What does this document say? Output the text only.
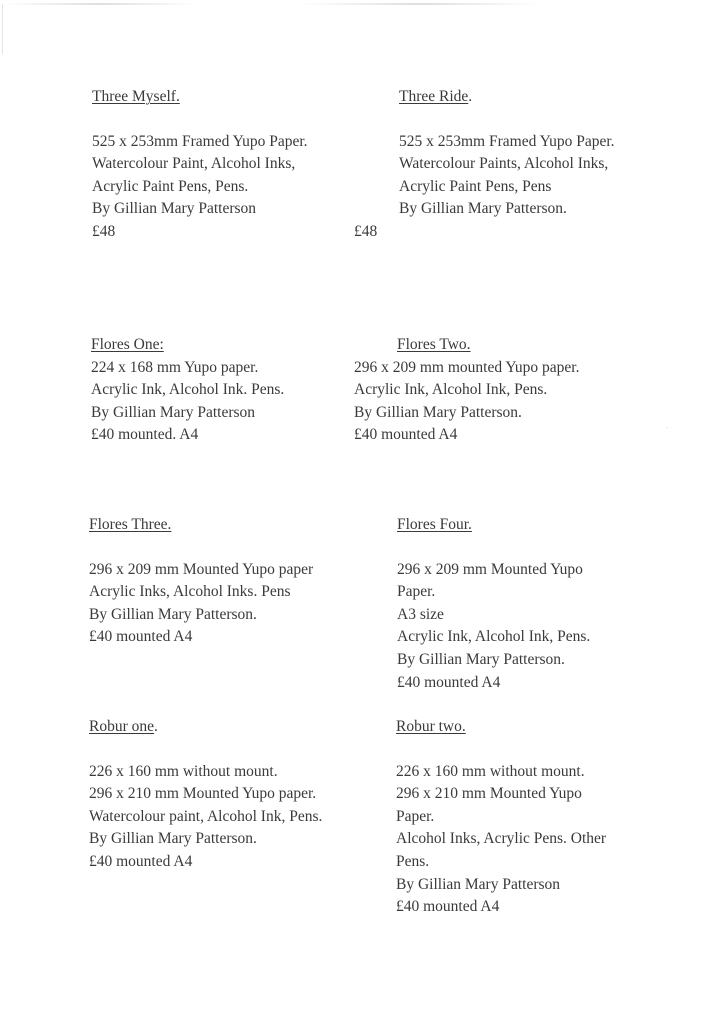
Three Myself.
525 x 253mm Framed Yupo Paper.
Watercolour Paint, Alcohol Inks,
Acrylic Paint Pens, Pens.
By Gillian Mary Patterson
£48
Three Ride.
525 x 253mm Framed Yupo Paper.
Watercolour Paints, Alcohol Inks,
Acrylic Paint Pens, Pens
By Gillian Mary Patterson.
£48
Flores One:
224 x 168 mm Yupo paper.
Acrylic Ink, Alcohol Ink. Pens.
By Gillian Mary Patterson
£40 mounted. A4
Flores Two.
296 x 209 mm mounted Yupo paper.
Acrylic Ink, Alcohol Ink, Pens.
By Gillian Mary Patterson.
£40 mounted A4	·
Flores Three.
296 x 209 mm Mounted Yupo paper
Acrylic Inks, Alcohol Inks. Pens
By Gillian Mary Patterson.
£40 mounted A4
Flores Four.
296 x 209 mm Mounted Yupo
Paper.
A3 size
Acrylic Ink, Alcohol Ink, Pens.
By Gillian Mary Patterson.
£40 mounted A4
Robur one.
226 x 160 mm without mount.
296 x 210 mm Mounted Yupo paper.
Watercolour paint, Alcohol Ink, Pens.
By Gillian Mary Patterson.
£40 mounted A4
Robur two.
226 x 160 mm without mount.
296 x 210 mm Mounted Yupo
Paper.
Alcohol Inks, Acrylic Pens. Other
Pens.
By Gillian Mary Patterson
£40 mounted A4
